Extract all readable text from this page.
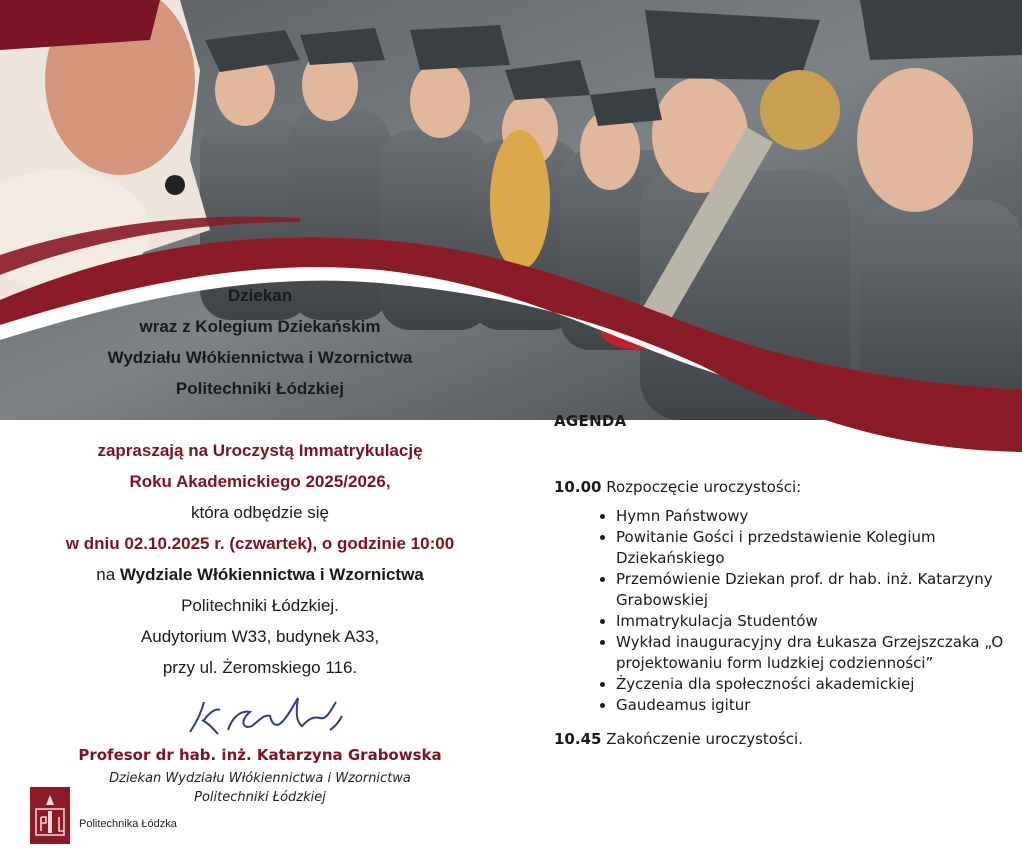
Dziekan
wraz z Kolegium Dziekańskim
Wydziału Włókiennictwa i Wzornictwa
Politechniki Łódzkiej
zapraszają na Uroczystą Immatrykulację
Roku Akademickiego 2025/2026,
która odbędzie się
w dniu 02.10.2025 r. (czwartek), o godzinie 10:00
na Wydziale Włókiennictwa i Wzornictwa
Politechniki Łódzkiej.
Audytorium W33, budynek A33,
przy ul. Żeromskiego 116.
Profesor dr hab. inż. Katarzyna Grabowska
Dziekan Wydziału Włókiennictwa i Wzornictwa
Politechniki Łódzkiej
AGENDA
10.00 Rozpoczęcie uroczystości:
• Hymn Państwowy
• Powitanie Gości i przedstawienie Kolegium Dziekańskiego
• Przemówienie Dziekan prof. dr hab. inż. Katarzyny Grabowskiej
• Immatrykulacja Studentów
• Wykład inauguracyjny dra Łukasza Grzejszczaka „O projektowaniu form ludzkiej codzienności”
• Życzenia dla społeczności akademickiej
• Gaudeamus igitur
10.45 Zakończenie uroczystości.
Politechnika Łódzka
